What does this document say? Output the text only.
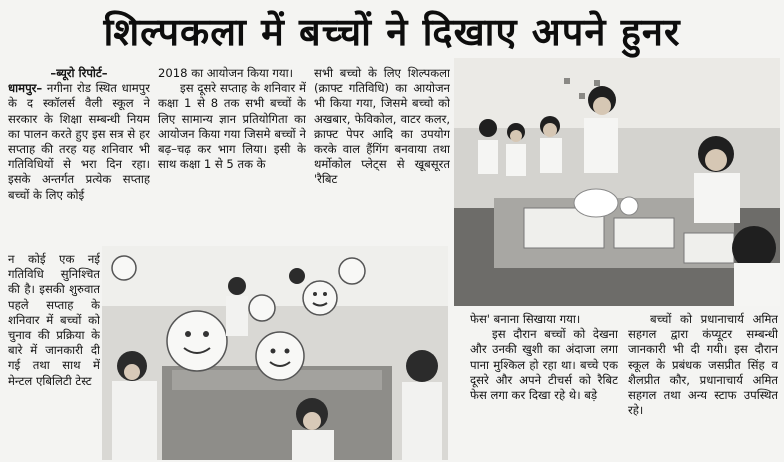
शिल्पकला में बच्चों ने दिखाए अपने हुनर
–ब्यूरो रिपोर्ट–

धामपुर– नगीना रोड स्थित धामपुर के द स्कॉलर्स वैली स्कूल ने सरकार के शिक्षा सम्बन्धी नियम का पालन करते हुए इस सत्र से हर सप्ताह की तरह यह शनिवार भी गतिविधियों से भरा दिन रहा। इसके अन्तर्गत प्रत्येक सप्ताह बच्चों के लिए कोई

न कोई एक नई गतिविधि सुनिश्चित की है। इसकी शुरुवात पहले सप्ताह के शनिवार में बच्चों को चुनाव की प्रक्रिया के बारे में जानकारी दी गई तथा साथ में मेन्टल एबिलिटी टेस्ट

2018 का आयोजन किया गया।

इस दूसरे सप्ताह के शनिवार में कक्षा 1 से 8 तक सभी बच्चों के लिए सामान्य ज्ञान प्रतियोगिता का आयोजन किया गया जिसमे बच्चों ने बढ़–चढ़ कर भाग लिया। इसी के साथ कक्षा 1 से 5 तक के

सभी बच्चो के लिए शिल्पकला (क्राफ्ट गतिविधि) का आयोजन भी किया गया, जिसमे बच्चो को अखबार, फेविकोल, वाटर कलर, क्राफ्ट पेपर आदि का उपयोग करके वाल हैंगिंग बनवाया तथा थर्मोकोल प्लेट्स से खूबसूरत 'रैबिट

फेस' बनाना सिखाया गया।

इस दौरान बच्चों को देखना और उनकी खुशी का अंदाजा लगा पाना मुश्किल हो रहा था। बच्चे एक दूसरे और अपने टीचर्स को रैबिट फेस लगा कर दिखा रहे थे। बड़े

बच्चों को प्रधानाचार्य अमित सहगल द्वारा कंप्यूटर सम्बन्धी जानकारी भी दी गयी। इस दौरान स्कूल के प्रबंधक जसप्रीत सिंह व शैलप्रीत कौर, प्रधानाचार्य अमित सहगल तथा अन्य स्टाफ उपस्थित रहे।
